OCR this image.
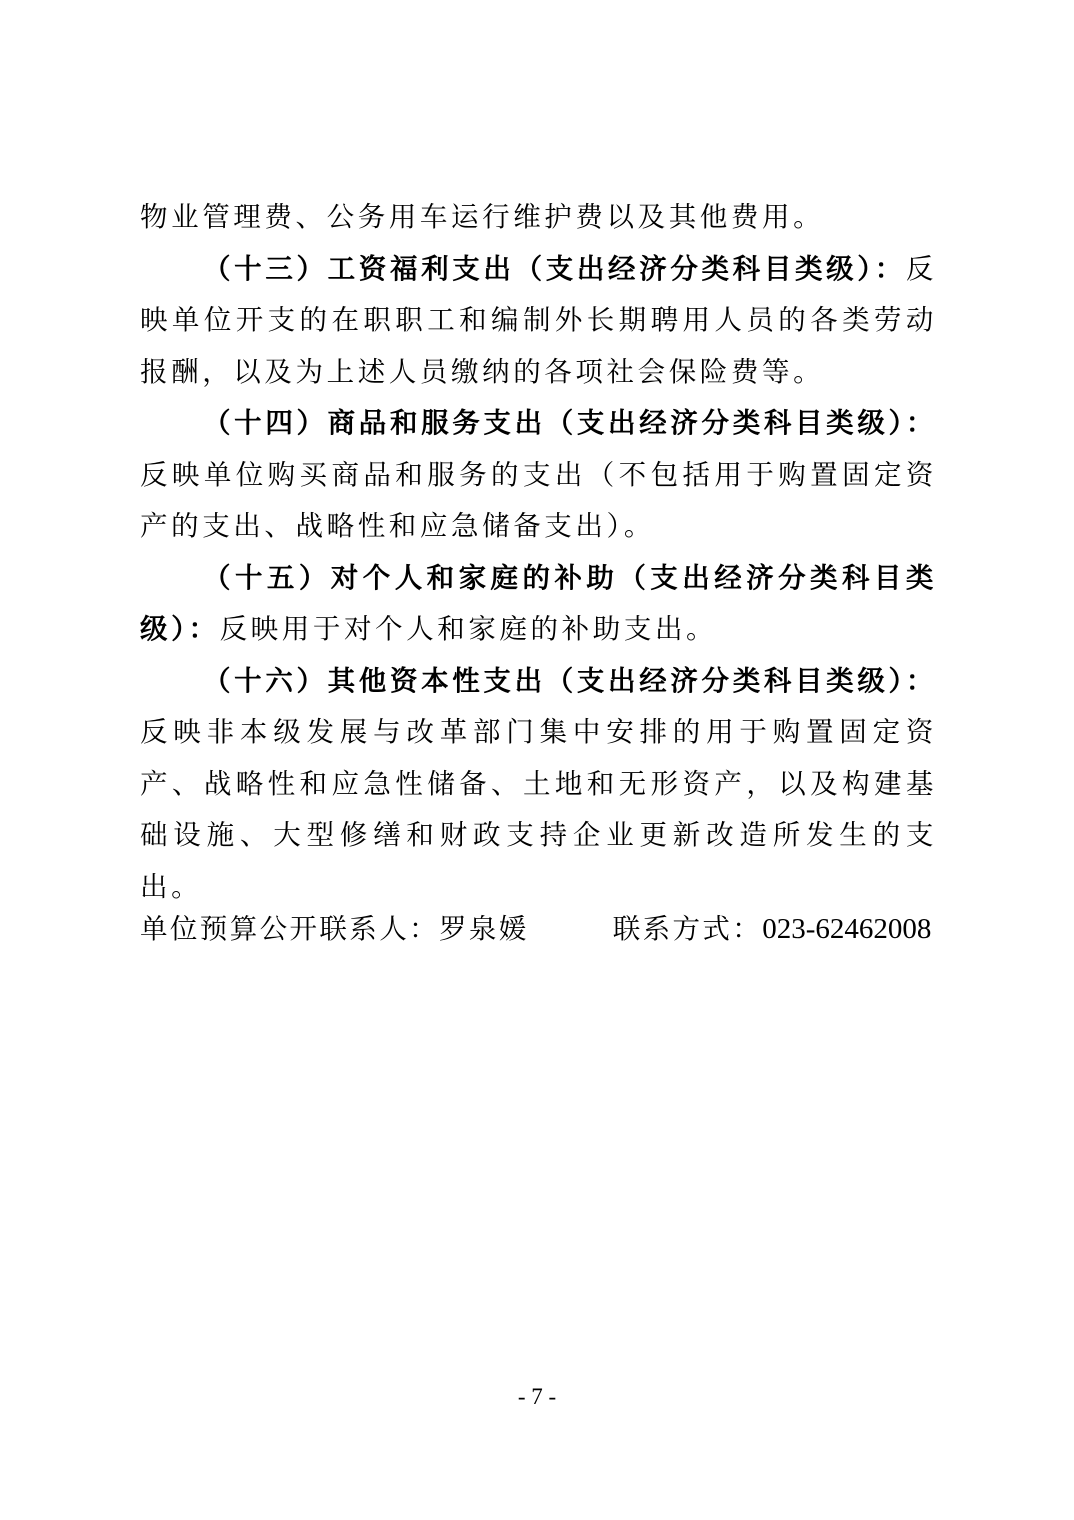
物业管理费、公务用车运行维护费以及其他费用。

（十三）工资福利支出（支出经济分类科目类级）：反映单位开支的在职职工和编制外长期聘用人员的各类劳动报酬，以及为上述人员缴纳的各项社会保险费等。

（十四）商品和服务支出（支出经济分类科目类级）：反映单位购买商品和服务的支出（不包括用于购置固定资产的支出、战略性和应急储备支出）。

（十五）对个人和家庭的补助（支出经济分类科目类级）：反映用于对个人和家庭的补助支出。

（十六）其他资本性支出（支出经济分类科目类级）：反映非本级发展与改革部门集中安排的用于购置固定资产、战略性和应急性储备、土地和无形资产，以及构建基础设施、大型修缮和财政支持企业更新改造所发生的支出。

单位预算公开联系人：罗泉媛	联系方式：023-62462008
- 7 -
